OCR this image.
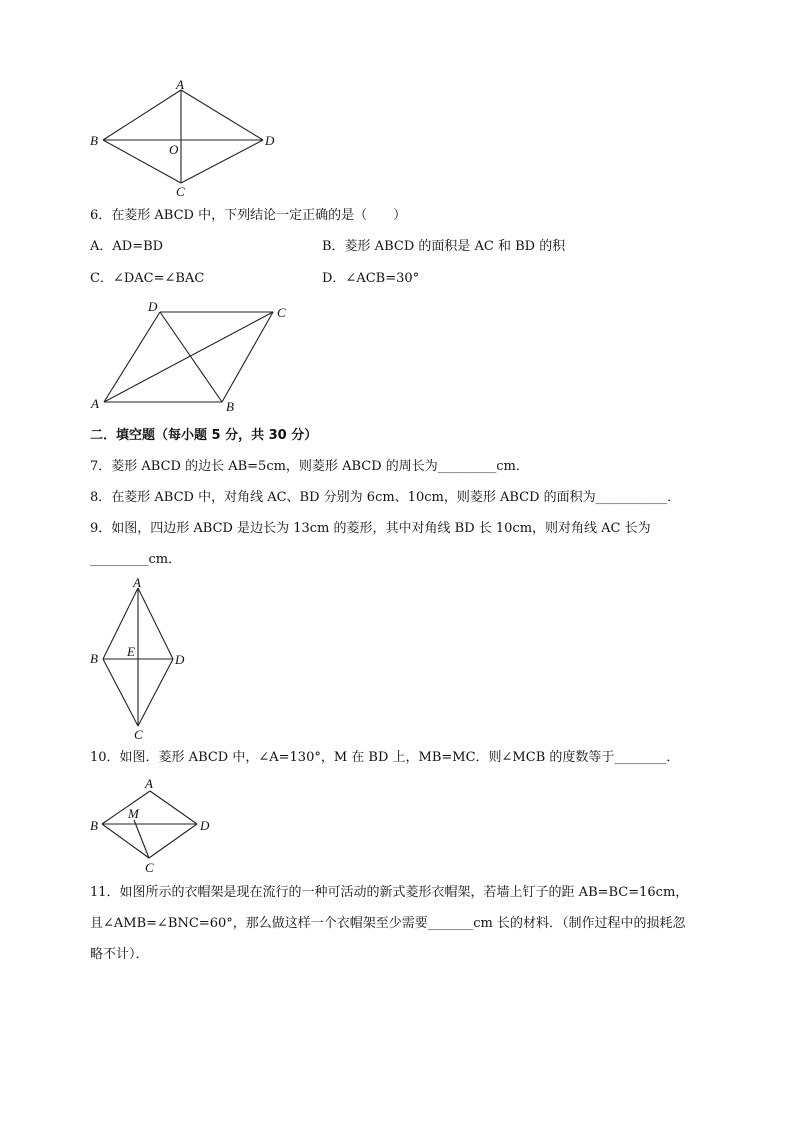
A
B
C
D
O
6．在菱形 ABCD 中，下列结论一定正确的是（　　）
A．AD=BD	B．菱形 ABCD 的面积是 AC 和 BD 的积
C．∠DAC=∠BAC	D．∠ACB=30°
D	C
A	B
二．填空题（每小题 5 分，共 30 分）
7．菱形 ABCD 的边长 AB=5cm，则菱形 ABCD 的周长为_________cm．
8．在菱形 ABCD 中，对角线 AC、BD 分别为 6cm、10cm，则菱形 ABCD 的面积为___________．
9．如图，四边形 ABCD 是边长为 13cm 的菱形，其中对角线 BD 长 10cm，则对角线 AC 长为
_________cm．
A
B	D
E
C
10．如图．菱形 ABCD 中，∠A=130°，M 在 BD 上，MB=MC．则∠MCB 的度数等于________．
A
B	D
M
C
11．如图所示的衣帽架是现在流行的一种可活动的新式菱形衣帽架，若墙上钉子的距 AB=BC=16cm，
且∠AMB=∠BNC=60°，那么做这样一个衣帽架至少需要_______cm 长的材料．（制作过程中的损耗忽
略不计）．
